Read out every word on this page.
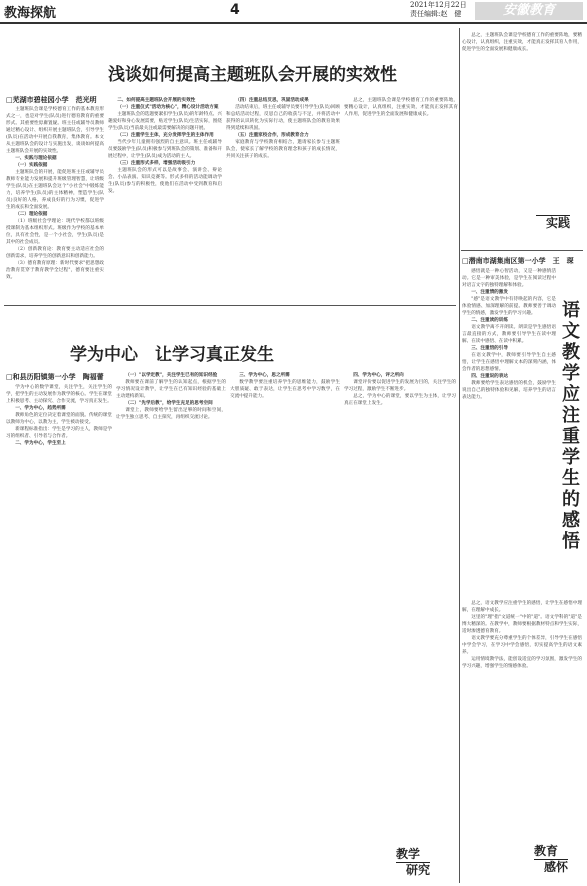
教海探航	4	2021年12月22日
责任编辑:赵　健	安徽教育
浅谈如何提高主题班队会开展的实效性
□芜湖市碧桂园小学　范光明

主题班队会课是学校德育工作的基本教育形式之一，也是对学生(队员)进行德育教育的重要形式。其重要性毋庸置疑。班主任或辅导员教师通过精心设计、组织开展主题班队会，引导学生(队员)在活动中开展自我教育，集体教育。本文从主题班队会的设计与实施出发，谈谈如何提高主题班队会开展的实效性。

一、实践与理论依据

（一）实践依据

主题班队会的开展，能促进班主任或辅导员教师专业能力发展和提升班级管理智慧，让班级学生(队员)在主题班队会这个"小社会"中锻炼能力，培养学生(队员)的主体精神，塑造学生(队员)良好的人格，养成良好的行为习惯，促进学生的成长和全面发展。

（二）理论依据

（1）班级社会学理论：现代学校都以班级授课制为基本组织形式。班级作为学校的基本单位，具有社会性，是一个小社会，学生(队员)是其中的社会成员。

（2）创新教育论：教育要主动适应社会的创新需求，培养学生的创新意识和创新能力。

（3）德育教育原理：新时代要求"把思想政治教育贯穿于教育教学全过程"，德育要注重实效。

二、如何提高主题班队会开展的实效性

（一）注重仪式"活动为核心"，精心设计活动方案

主题班队会的选题要紧扣学生(队员)的年龄特点、兴趣爱好和身心发展需要，贴近学生(队员)生活实际，围绕学生(队员)当前最关注或最需要解决的问题开展。

（二）注重学生主体，充分发挥学生的主体作用

当代少年儿童拥有强烈的自主意识。班主任或辅导员要鼓励学生(队员)积极参与到班队会的策划、准备和开展过程中，让学生(队员)成为活动的主人。

（三）注重形式多样，增强活动吸引力

主题班队会的形式可以是故事会、演讲会、辩论会、小品表演、知识竞赛等。形式多样的活动能调动学生(队员)参与的积极性，使他们在活动中受到教育和启发。

（四）注重总结反思，巩固活动成果

活动结束后，班主任或辅导员要引导学生(队员)回顾和总结活动过程，反思自己的收获与不足，并将活动中获得的认识转化为实际行动，使主题班队会的教育效果得到延续和巩固。

（五）注重家校合作，形成教育合力

家庭教育与学校教育相结合，邀请家长参与主题班队会，使家长了解学校的教育理念和孩子的成长情况，共同关注孩子的成长。

总之，主题班队会课是学校德育工作的重要阵地，要精心设计，认真组织，注重实效，才能真正发挥其育人作用，促进学生的全面发展和健康成长。

总之，主题班队会课是学校德育工作的重要阵地，要精心设计，认真组织，注重实效，才能真正发挥其育人作用，促进学生的全面发展和健康成长。

实践
□潜南市湖集南区第一小学　王　琛
语文教学应注重学生的感悟

感悟就是一种心智活动，又是一种感情活动。它是一种审美体验，是学生在阅读过程中对语言文字的独特理解和体验。

一、注重情的激发

"感"是语文教学中有待唤起的内容，它是体验情感、加深理解的前提。教师要善于调动学生的情感，激发学生的学习兴趣。

二、注重读的训练

语文教学离不开朗读。朗读是学生感悟语言最直接的方式，教师要引导学生在读中理解、在读中感悟、在读中积累。

三、注重悟的引导

在语文教学中，教师要引导学生自主感悟，让学生在感悟中理解文本的深刻内涵，体会作者的思想感情。

四、注重说的表达

教师要给学生表达感悟的机会，鼓励学生说出自己的独特体验和见解，培养学生的语言表达能力。

总之，语文教学应注重学生的感悟，让学生在感悟中理解，在理解中成长。

这里的"理"指"文道统一"中的"道"。语文学科的"道"是博大精深的。在教学中，教师要根据教材特点和学生实际，适时渗透德育教育。

语文教学要充分尊重学生的个体差异，引导学生在感悟中学会学习，在学习中学会感悟，切实提高学生的语文素养。

运用情境教学法，能创设适宜的学习氛围，激发学生的学习兴趣，增强学生的情感体验。

教育
感怀
学为中心　让学习真正发生
□和县历阳镇第一小学　陶福蕾

学为中心的数学课堂，关注学生，关注学生的学，把学生的主动发展作为教学的核心。学生在课堂上积极思考、主动探究、合作交流，学习真正发生。

一、学为中心，趋势所需

教师角色的定位决定着课堂的面貌。传统的课堂以教师为中心，以教为主，学生被动接受。

新课程标准指出：学生是学习的主人，教师是学习的组织者、引导者与合作者。

二、学为中心，学生至上

（一）"以学定教"，关注学生已有的知识经验

教师要在课前了解学生的认知起点，根据学生的学习情况设计教学，让学生在已有知识经验的基础上主动建构新知。

（二）"先学后教"，给学生充足的思考空间

课堂上，教师要给学生留出足够的时间和空间，让学生独立思考、自主探究，再组织交流讨论。

三、学为中心，思之所需

数学教学要注重培养学生的思维能力，鼓励学生大胆质疑、敢于表达，让学生在思考中学习数学，在交流中提升能力。

四、学为中心，评之所向

课堂评价要以促进学生的发展为目的，关注学生的学习过程，激励学生不断进步。

总之，学为中心的课堂，要以学生为主体，让学习真正在课堂上发生。

教学
研究
